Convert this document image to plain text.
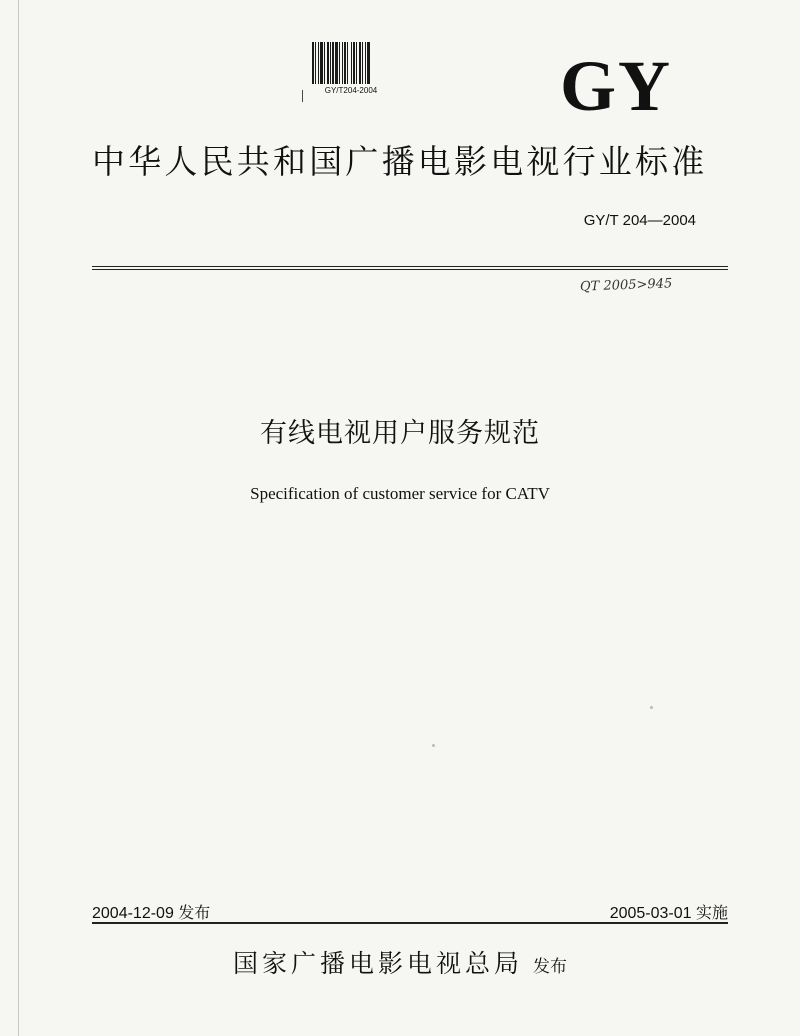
GY/T204-2004	GY
中华人民共和国广播电影电视行业标准
GY/T 204—2004
QT 2005>945
有线电视用户服务规范
Specification of customer service for CATV
2004-12-09 发布	2005-03-01 实施
国家广播电影电视总局 发布
